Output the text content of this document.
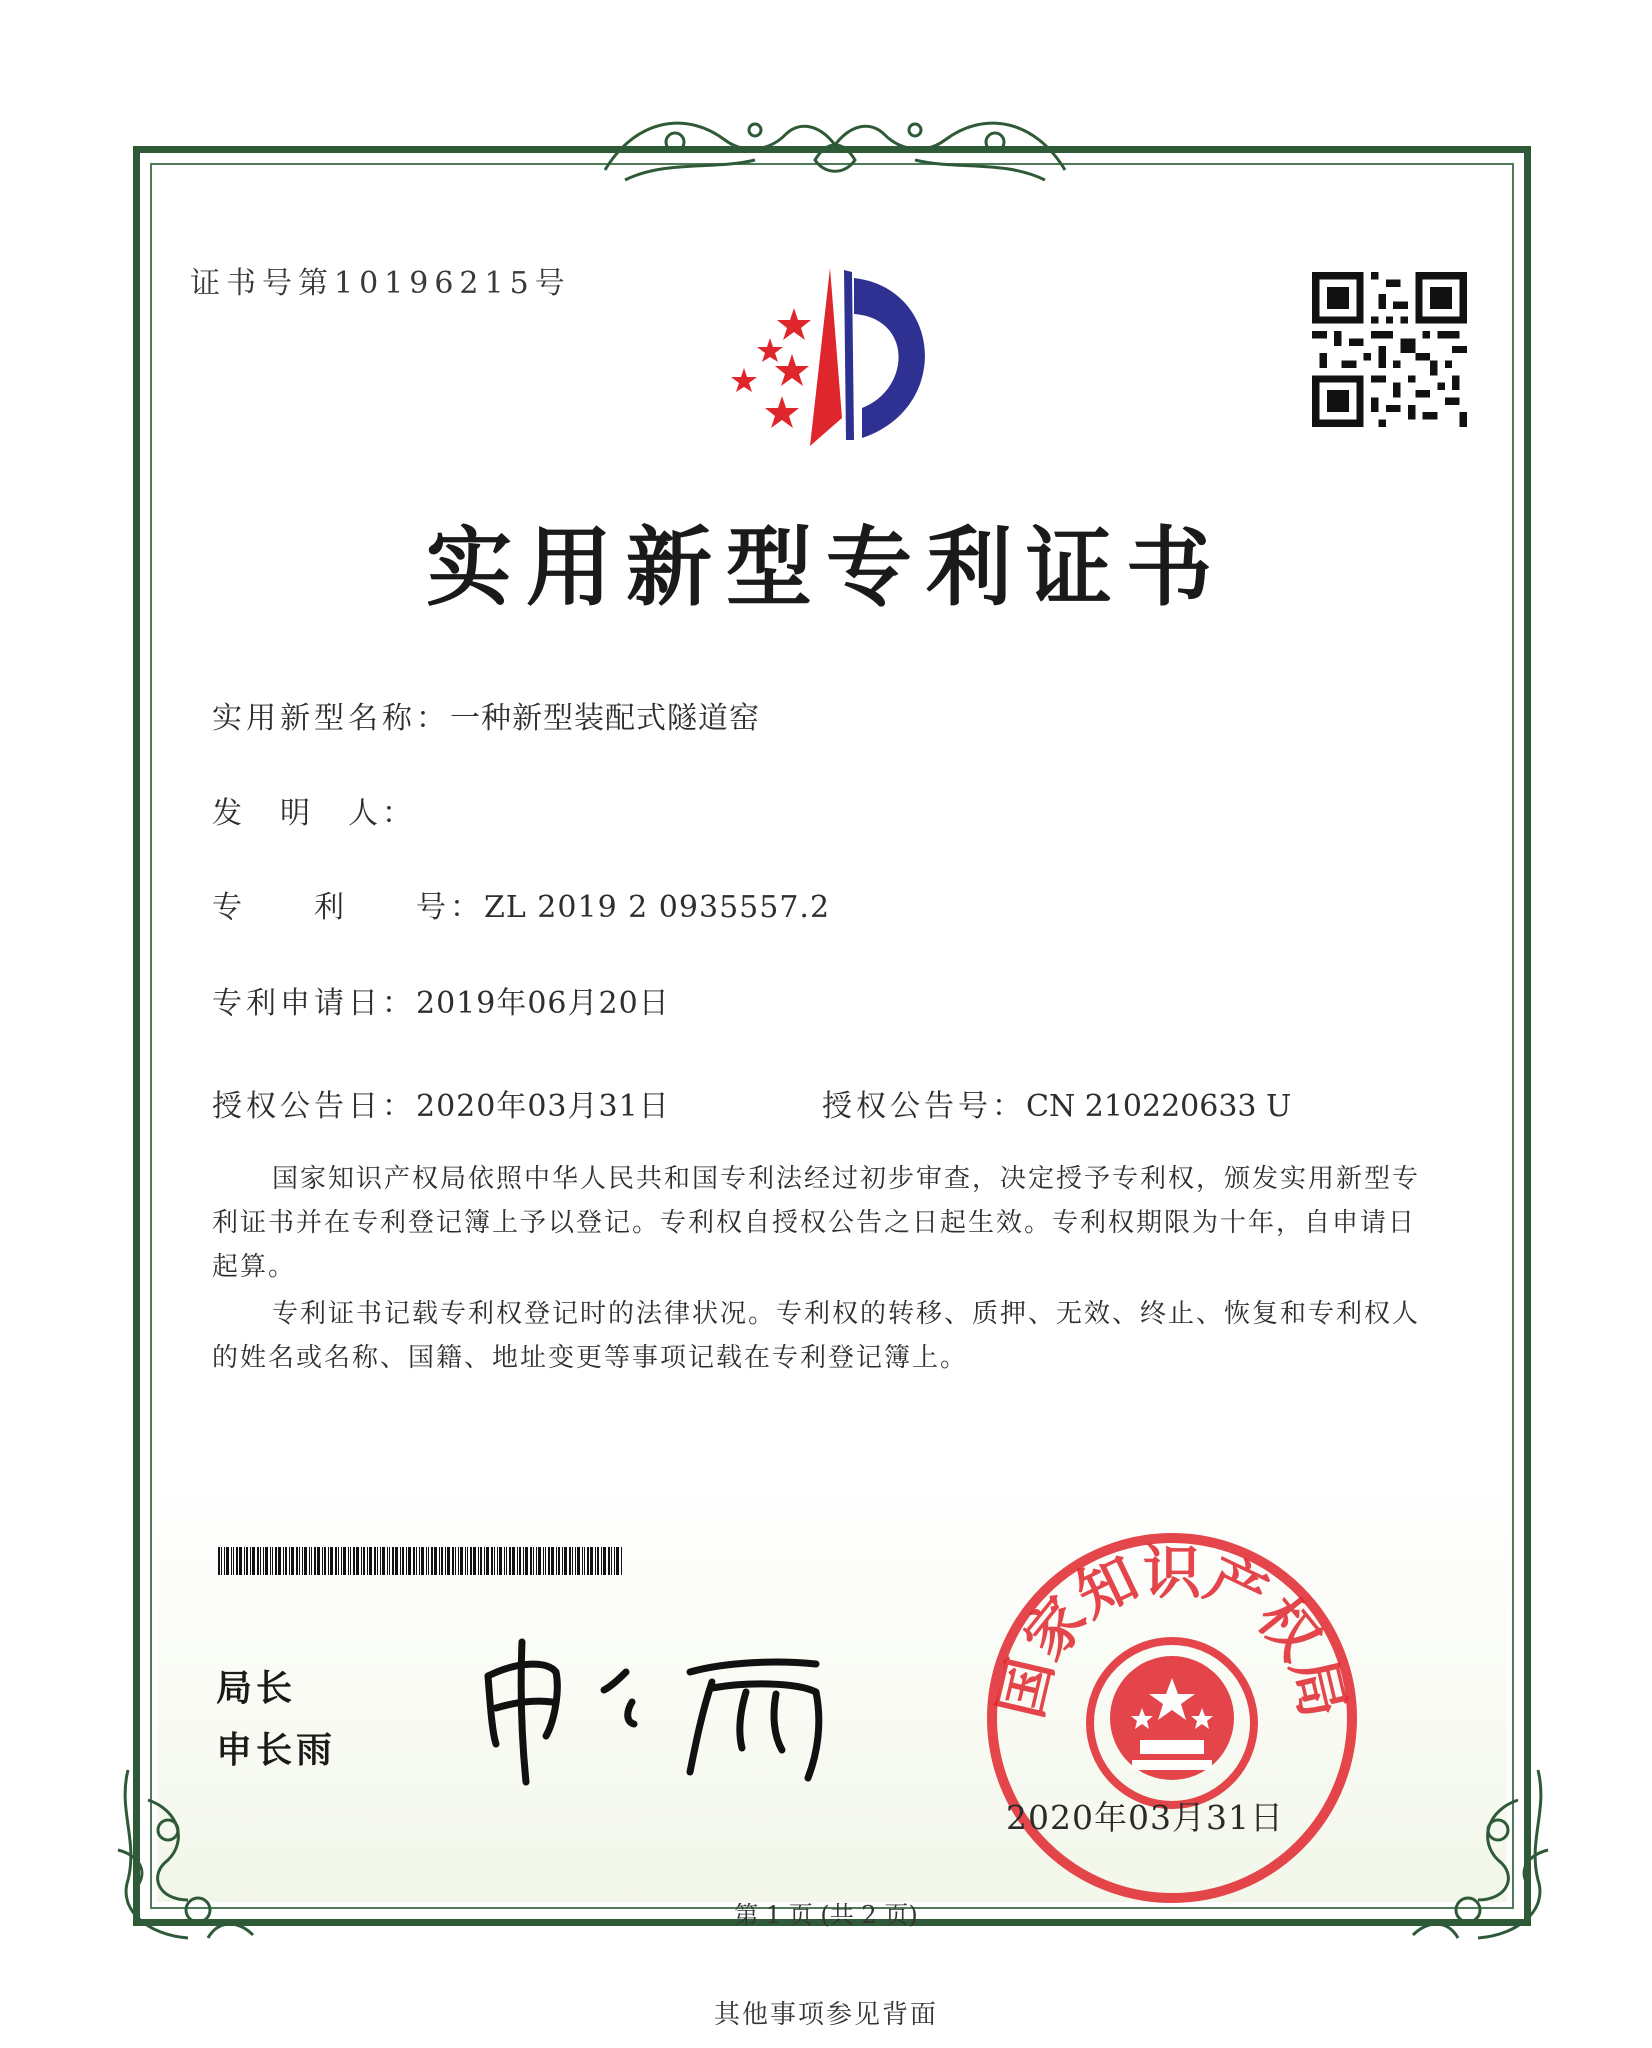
证书号第10196215号
实用新型专利证书
实用新型名称：一种新型装配式隧道窑
发　明　人：
专　　利　　号：ZL 2019 2 0935557.2
专利申请日：2019年06月20日
授权公告日：2020年03月31日	授权公告号：CN 210220633 U
国家知识产权局依照中华人民共和国专利法经过初步审查，决定授予专利权，颁发实用新型专利证书并在专利登记簿上予以登记。专利权自授权公告之日起生效。专利权期限为十年，自申请日起算。
专利证书记载专利权登记时的法律状况。专利权的转移、质押、无效、终止、恢复和专利权人的姓名或名称、国籍、地址变更等事项记载在专利登记簿上。
局长
申长雨
国家知识产权局
2020年03月31日
第 1 页 (共 2 页)
其他事项参见背面
